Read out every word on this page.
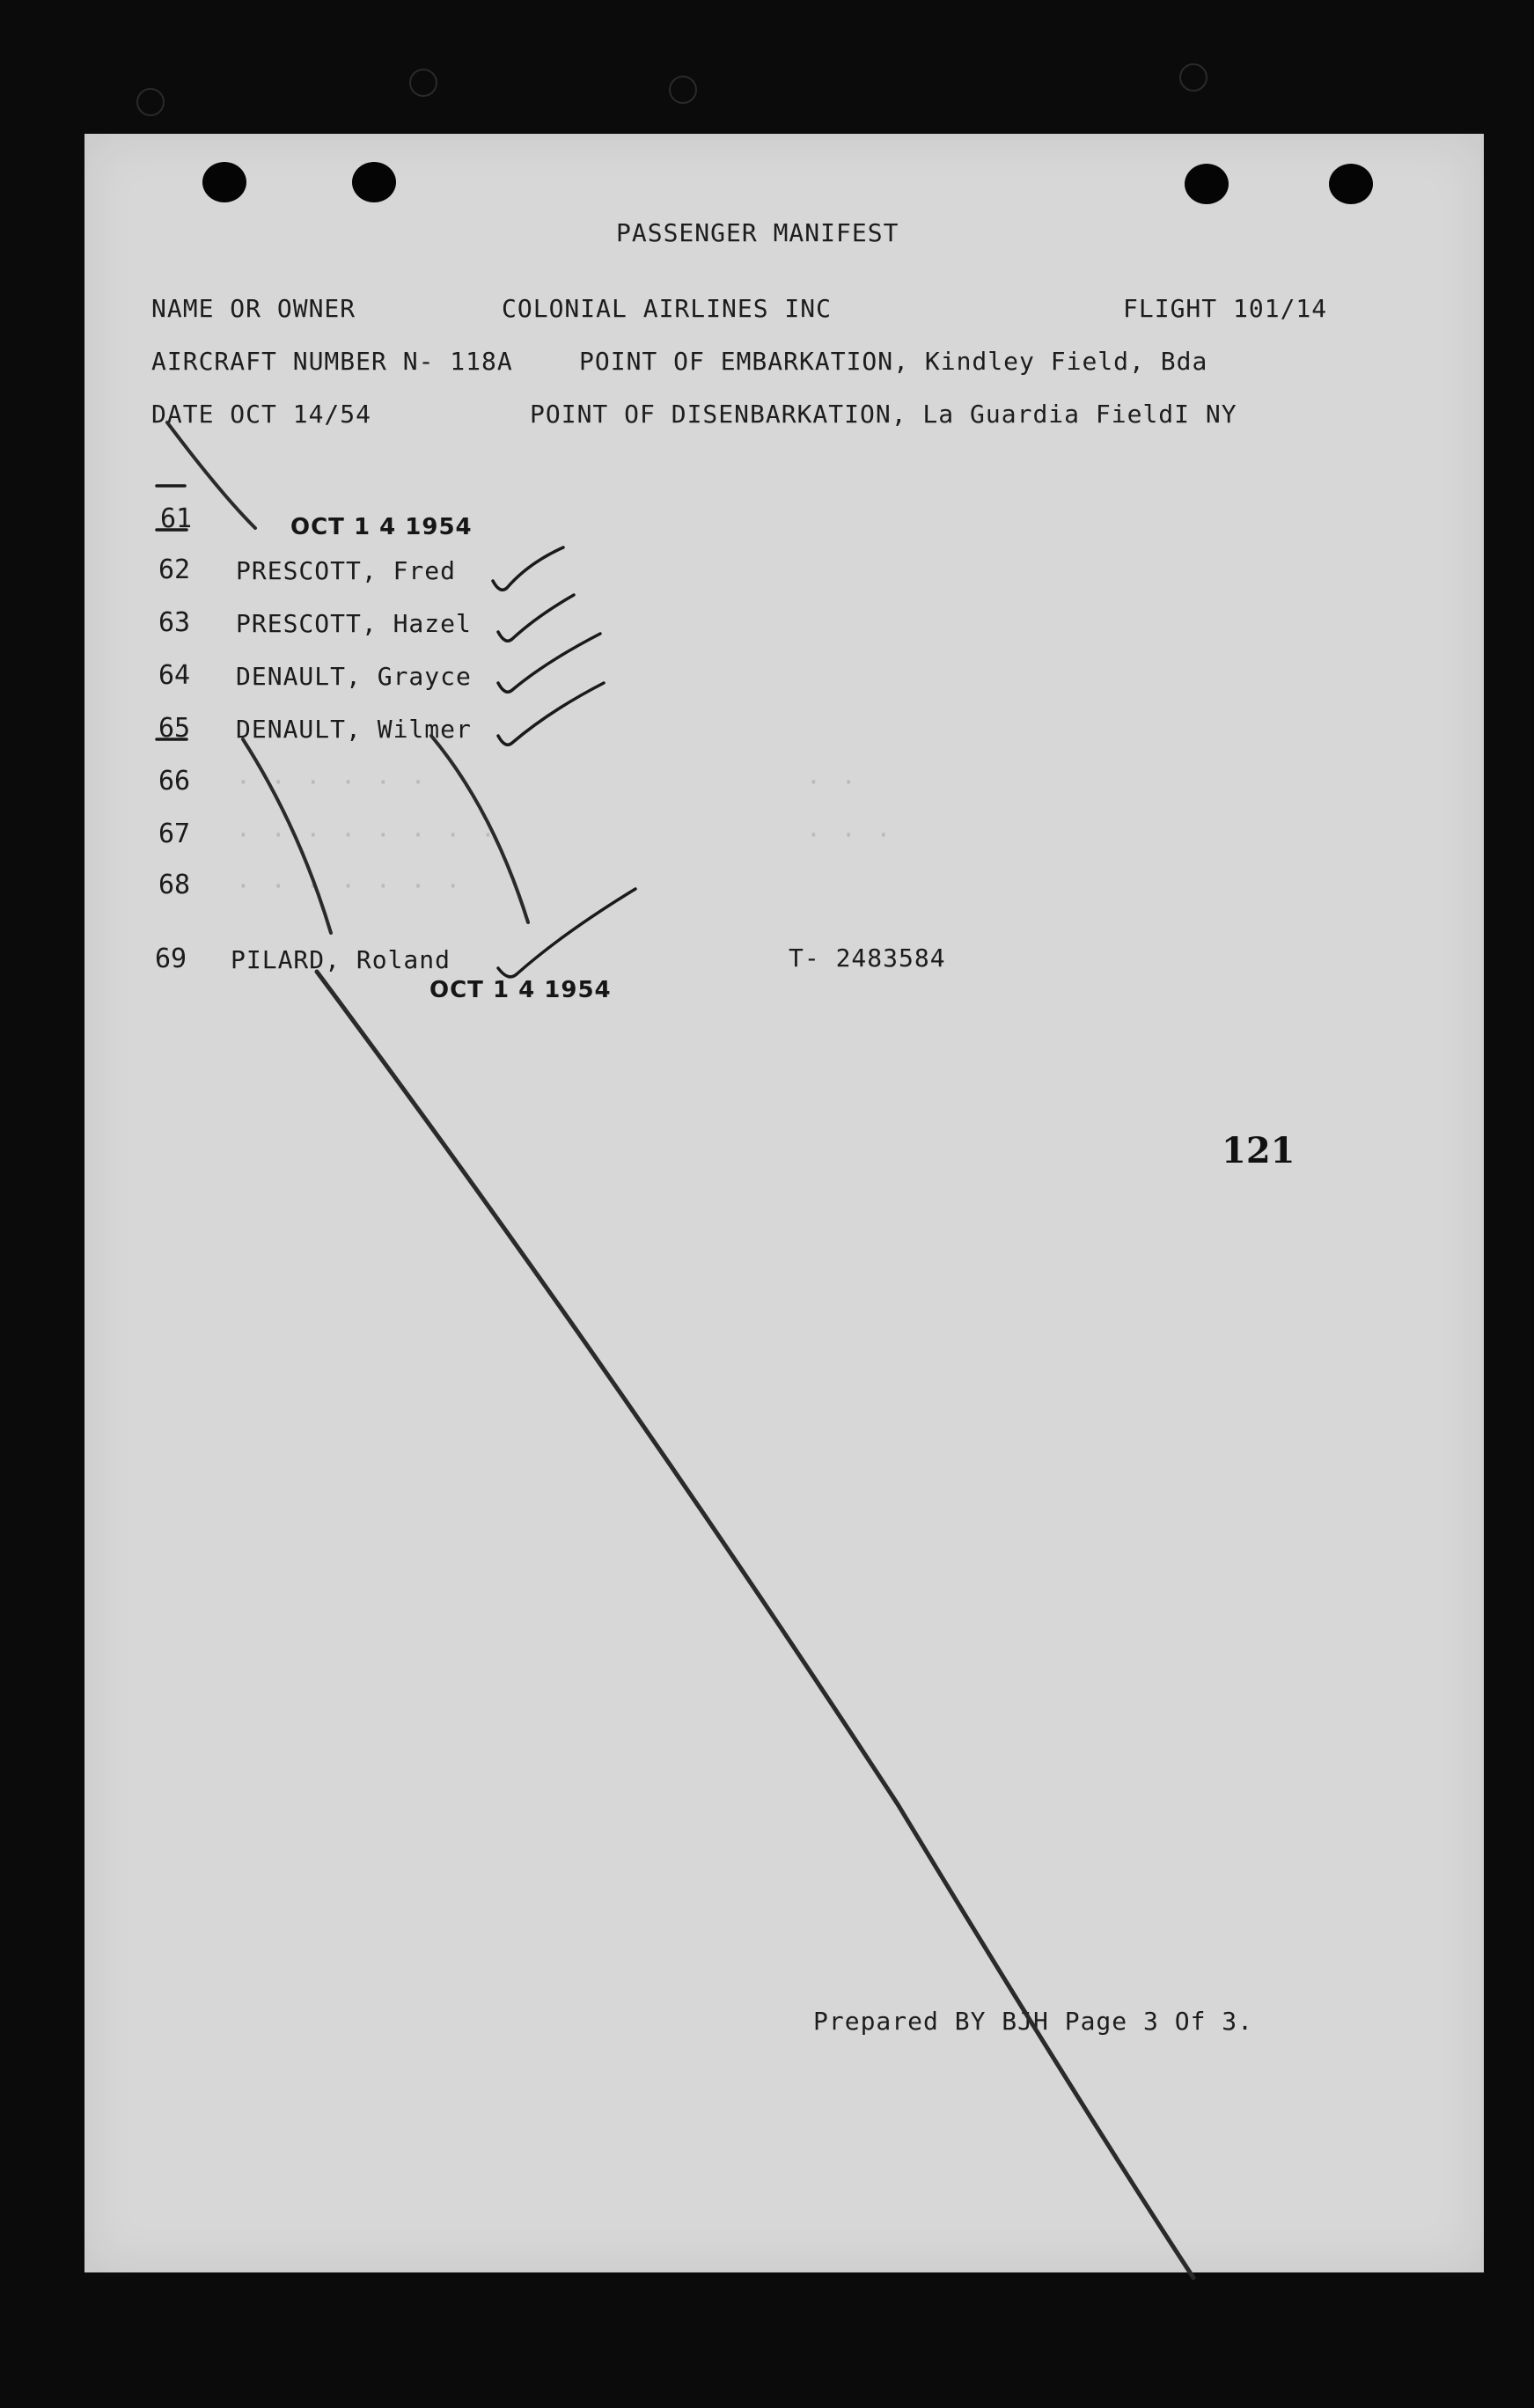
PASSENGER MANIFEST
NAME OR OWNER	COLONIAL AIRLINES INC	FLIGHT 101/14
AIRCRAFT NUMBER N- 118A	POINT OF EMBARKATION, Kindley Field, Bda
DATE OCT 14/54	POINT OF DISENBARKATION, La Guardia FieldI NY
OCT 1 4 1954
61
62 PRESCOTT, Fred
63 PRESCOTT, Hazel
64 DENAULT, Grayce
65 DENAULT, Wilmer
66 · · · · · ·	· ·
67 · · · · · · · ·	· · ·
68 · · · · · · ·
69 PILARD, Roland	T- 2483584
OCT 1 4 1954
121
Prepared BY BJH Page 3 Of 3.
